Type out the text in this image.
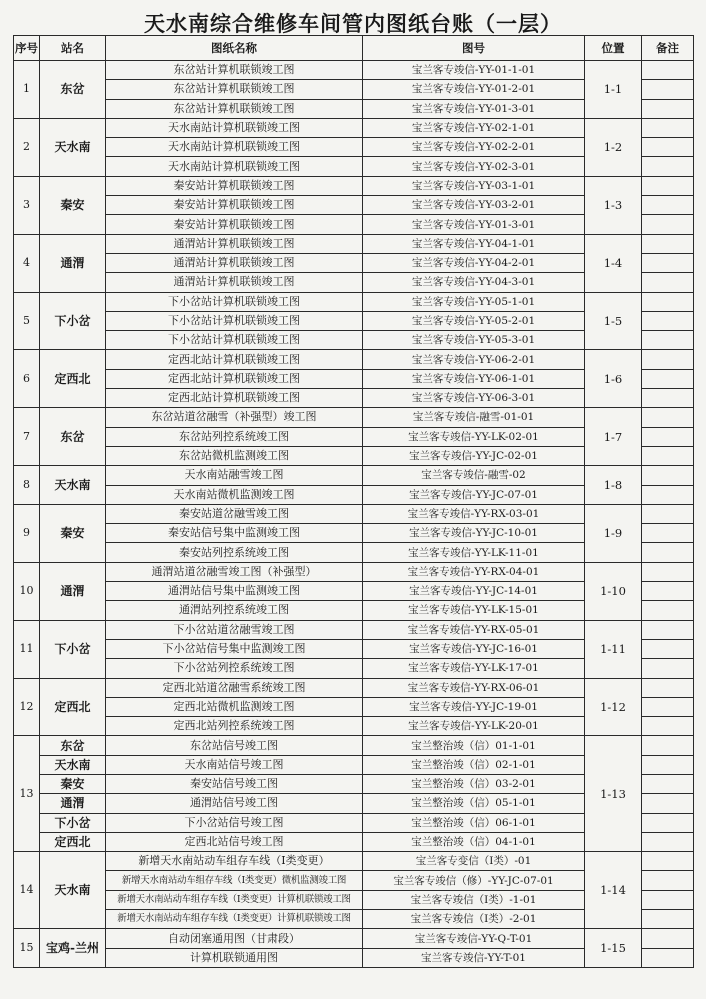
天水南综合维修车间管内图纸台账（一层）
序号	站名	图纸名称	图号	位置	备注
1	东岔	东岔站计算机联锁竣工图	宝兰客专竣信-YY-01-1-01	1-1	
		东岔站计算机联锁竣工图	宝兰客专竣信-YY-01-2-01		
		东岔站计算机联锁竣工图	宝兰客专竣信-YY-01-3-01		
2	天水南	天水南站计算机联锁竣工图	宝兰客专竣信-YY-02-1-01	1-2	
		天水南站计算机联锁竣工图	宝兰客专竣信-YY-02-2-01		
		天水南站计算机联锁竣工图	宝兰客专竣信-YY-02-3-01		
3	秦安	秦安站计算机联锁竣工图	宝兰客专竣信-YY-03-1-01	1-3	
		秦安站计算机联锁竣工图	宝兰客专竣信-YY-03-2-01		
		秦安站计算机联锁竣工图	宝兰客专竣信-YY-01-3-01		
4	通渭	通渭站计算机联锁竣工图	宝兰客专竣信-YY-04-1-01	1-4	
		通渭站计算机联锁竣工图	宝兰客专竣信-YY-04-2-01		
		通渭站计算机联锁竣工图	宝兰客专竣信-YY-04-3-01		
5	下小岔	下小岔站计算机联锁竣工图	宝兰客专竣信-YY-05-1-01	1-5	
		下小岔站计算机联锁竣工图	宝兰客专竣信-YY-05-2-01		
		下小岔站计算机联锁竣工图	宝兰客专竣信-YY-05-3-01		
6	定西北	定西北站计算机联锁竣工图	宝兰客专竣信-YY-06-2-01	1-6	
		定西北站计算机联锁竣工图	宝兰客专竣信-YY-06-1-01		
		定西北站计算机联锁竣工图	宝兰客专竣信-YY-06-3-01		
7	东岔	东岔站道岔融雪（补强型）竣工图	宝兰客专竣信-融雪-01-01	1-7	
		东岔站列控系统竣工图	宝兰客专竣信-YY-LK-02-01		
		东岔站微机监测竣工图	宝兰客专竣信-YY-JC-02-01		
8	天水南	天水南站融雪竣工图	宝兰客专竣信-融雪-02	1-8	
		天水南站微机监测竣工图	宝兰客专竣信-YY-JC-07-01		
9	秦安	秦安站道岔融雪竣工图	宝兰客专竣信-YY-RX-03-01	1-9	
		秦安站信号集中监测竣工图	宝兰客专竣信-YY-JC-10-01		
		秦安站列控系统竣工图	宝兰客专竣信-YY-LK-11-01		
10	通渭	通渭站道岔融雪竣工图（补强型）	宝兰客专竣信-YY-RX-04-01	1-10	
		通渭站信号集中监测竣工图	宝兰客专竣信-YY-JC-14-01		
		通渭站列控系统竣工图	宝兰客专竣信-YY-LK-15-01		
11	下小岔	下小岔站道岔融雪竣工图	宝兰客专竣信-YY-RX-05-01	1-11	
		下小岔站信号集中监测竣工图	宝兰客专竣信-YY-JC-16-01		
		下小岔站列控系统竣工图	宝兰客专竣信-YY-LK-17-01		
12	定西北	定西北站道岔融雪系统竣工图	宝兰客专竣信-YY-RX-06-01	1-12	
		定西北站微机监测竣工图	宝兰客专竣信-YY-JC-19-01		
		定西北站列控系统竣工图	宝兰客专竣信-YY-LK-20-01		
13	东岔	东岔站信号竣工图	宝兰整治竣（信）01-1-01	1-13	
	天水南	天水南站信号竣工图	宝兰整治竣（信）02-1-01		
	秦安	秦安站信号竣工图	宝兰整治竣（信）03-2-01		
	通渭	通渭站信号竣工图	宝兰整治竣（信）05-1-01		
	下小岔	下小岔站信号竣工图	宝兰整治竣（信）06-1-01		
	定西北	定西北站信号竣工图	宝兰整治竣（信）04-1-01		
14	天水南	新增天水南站动车组存车线（I类变更）	宝兰客专变信（I类）-01	1-14	
		新增天水南站动车组存车线（I类变更）微机监测竣工图	宝兰客专竣信（修）-YY-JC-07-01		
		新增天水南站动车组存车线（I类变更）计算机联锁竣工图	宝兰客专竣信（I类）-1-01		
		新增天水南站动车组存车线（I类变更）计算机联锁竣工图	宝兰客专竣信（I类）-2-01		
15	宝鸡-兰州	自动闭塞通用图（甘肃段）	宝兰客专竣信-YY-Q-T-01	1-15	
		计算机联锁通用图	宝兰客专竣信-YY-T-01		
